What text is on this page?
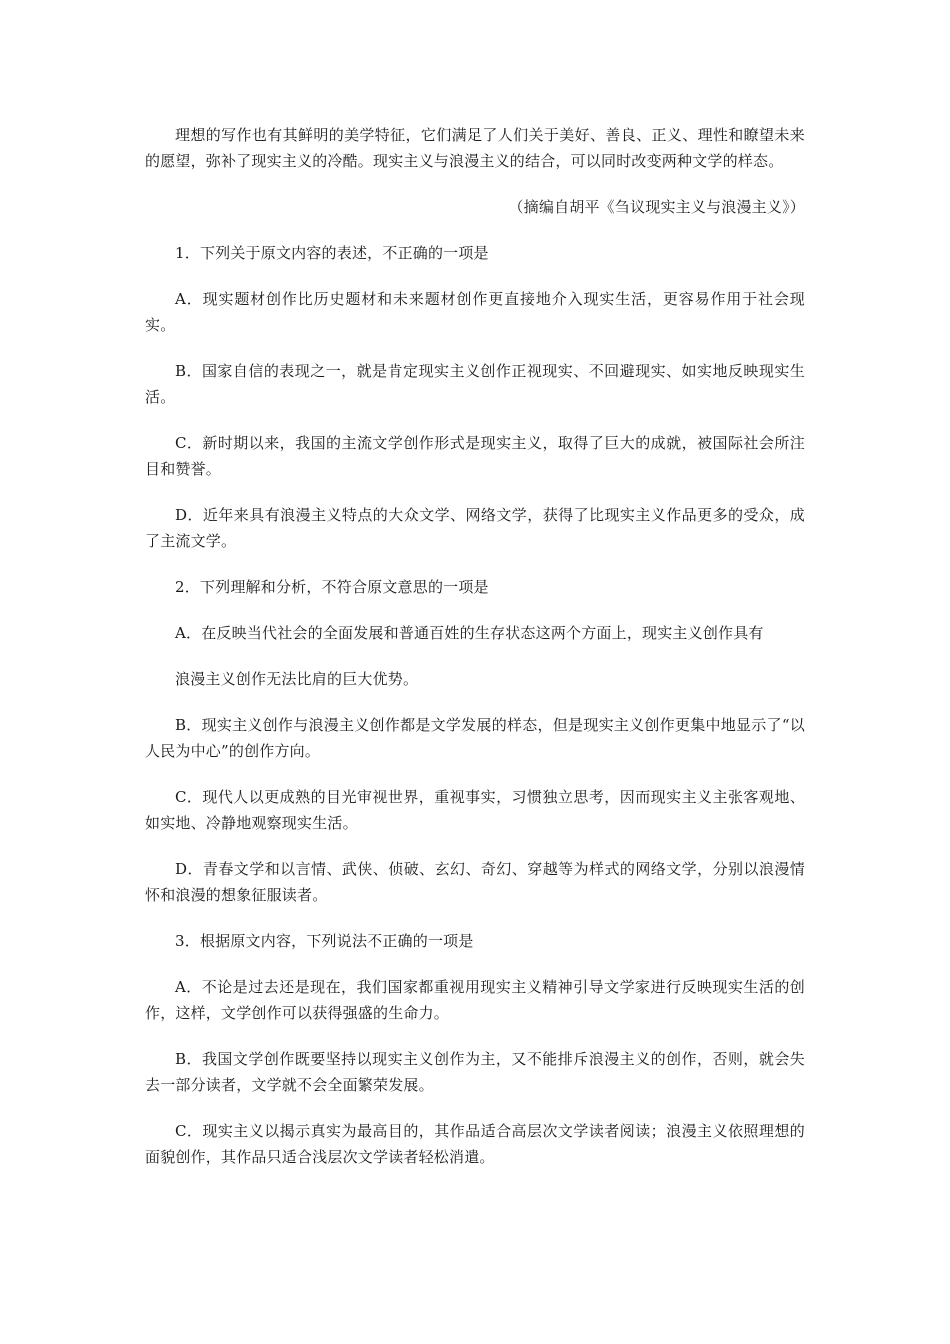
理想的写作也有其鲜明的美学特征，它们满足了人们关于美好、善良、正义、理性和瞭望未来的愿望，弥补了现实主义的冷酷。现实主义与浪漫主义的结合，可以同时改变两种文学的样态。

（摘编自胡平《刍议现实主义与浪漫主义》）

1．下列关于原文内容的表述，不正确的一项是

A．现实题材创作比历史题材和未来题材创作更直接地介入现实生活，更容易作用于社会现实。

B．国家自信的表现之一，就是肯定现实主义创作正视现实、不回避现实、如实地反映现实生活。

C．新时期以来，我国的主流文学创作形式是现实主义，取得了巨大的成就，被国际社会所注目和赞誉。

D．近年来具有浪漫主义特点的大众文学、网络文学，获得了比现实主义作品更多的受众，成了主流文学。

2．下列理解和分析，不符合原文意思的一项是

A．在反映当代社会的全面发展和普通百姓的生存状态这两个方面上，现实主义创作具有

浪漫主义创作无法比肩的巨大优势。

B．现实主义创作与浪漫主义创作都是文学发展的样态，但是现实主义创作更集中地显示了“以人民为中心”的创作方向。

C．现代人以更成熟的目光审视世界，重视事实，习惯独立思考，因而现实主义主张客观地、如实地、冷静地观察现实生活。

D．青春文学和以言情、武侠、侦破、玄幻、奇幻、穿越等为样式的网络文学，分别以浪漫情怀和浪漫的想象征服读者。

3．根据原文内容，下列说法不正确的一项是

A．不论是过去还是现在，我们国家都重视用现实主义精神引导文学家进行反映现实生活的创作，这样，文学创作可以获得强盛的生命力。

B．我国文学创作既要坚持以现实主义创作为主，又不能排斥浪漫主义的创作，否则，就会失去一部分读者，文学就不会全面繁荣发展。

C．现实主义以揭示真实为最高目的，其作品适合高层次文学读者阅读；浪漫主义依照理想的面貌创作，其作品只适合浅层次文学读者轻松消遣。
